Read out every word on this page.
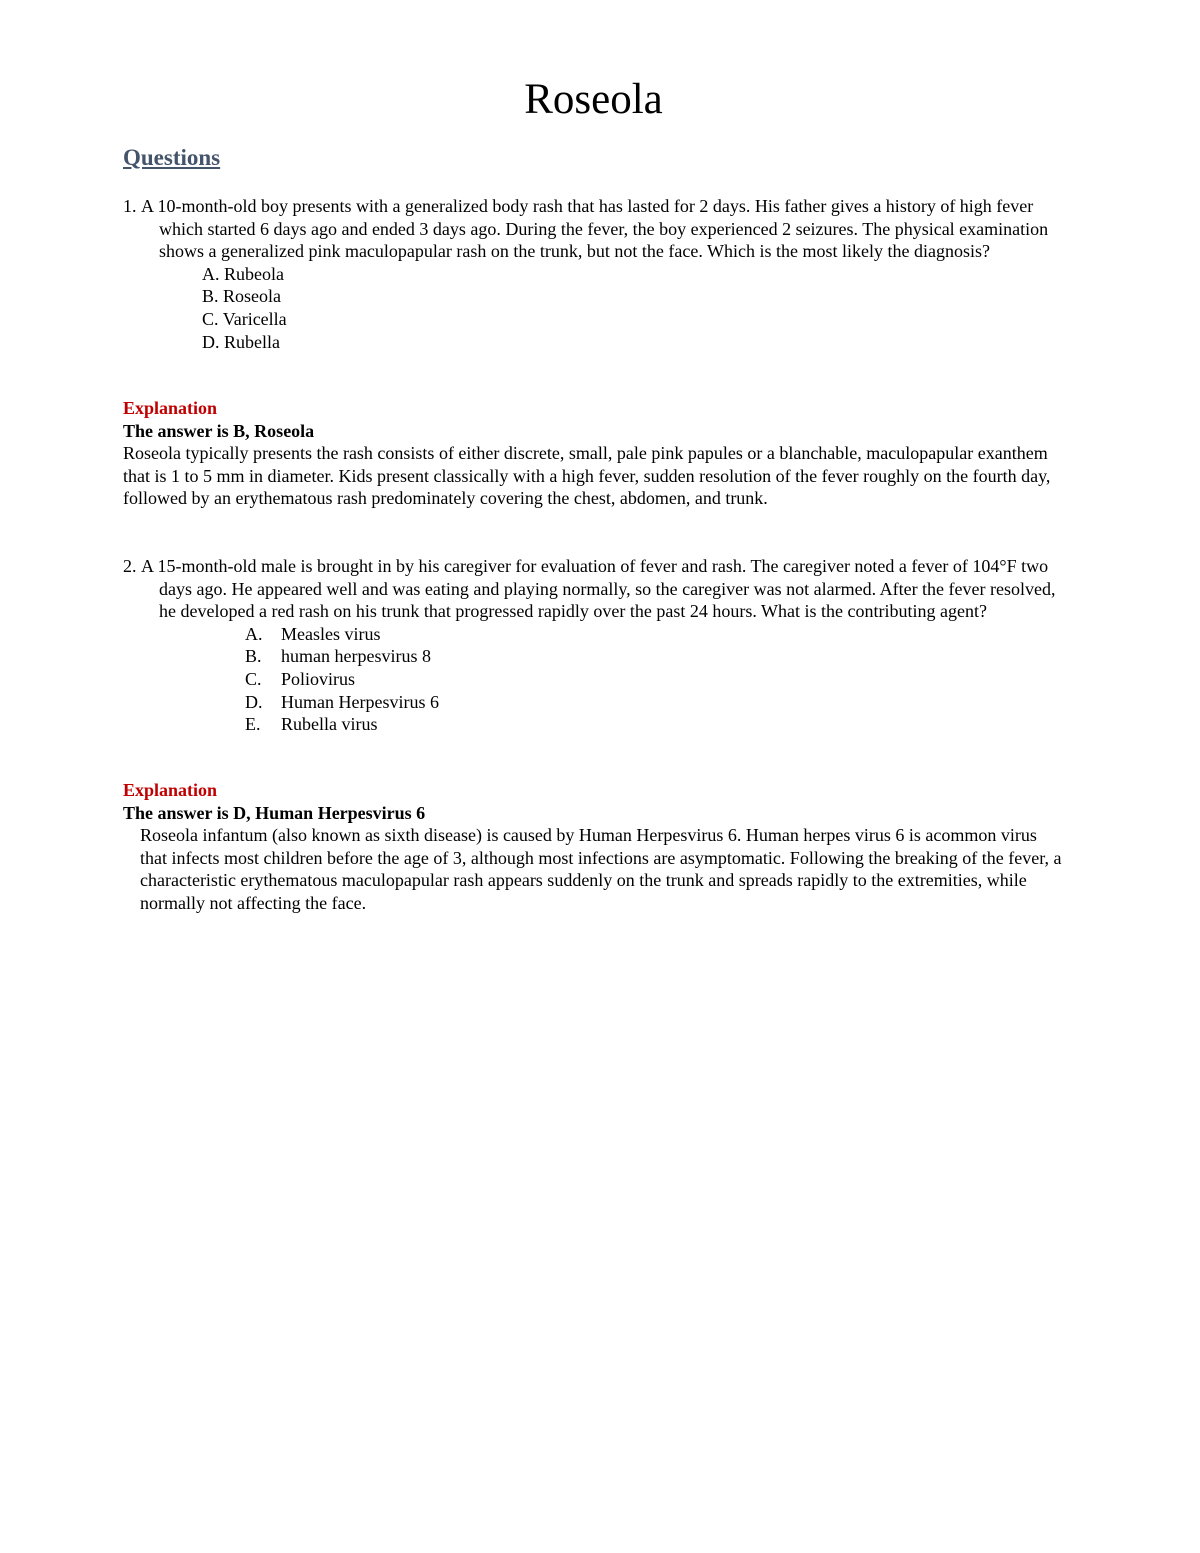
Roseola
Questions
1. A 10-month-old boy presents with a generalized body rash that has lasted for 2 days. His father gives a history of high fever which started 6 days ago and ended 3 days ago. During the fever, the boy experienced 2 seizures. The physical examination shows a generalized pink maculopapular rash on the trunk, but not the face. Which is the most likely the diagnosis?
A. Rubeola
B. Roseola
C. Varicella
D. Rubella
Explanation
The answer is B, Roseola
Roseola typically presents the rash consists of either discrete, small, pale pink papules or a blanchable, maculopapular exanthem that is 1 to 5 mm in diameter. Kids present classically with a high fever, sudden resolution of the fever roughly on the fourth day, followed by an erythematous rash predominately covering the chest, abdomen, and trunk.
2. A 15-month-old male is brought in by his caregiver for evaluation of fever and rash. The caregiver noted a fever of 104°F two days ago. He appeared well and was eating and playing normally, so the caregiver was not alarmed. After the fever resolved, he developed a red rash on his trunk that progressed rapidly over the past 24 hours. What is the contributing agent?
A.	Measles virus
B.	human herpesvirus 8
C.	Poliovirus
D.	Human Herpesvirus 6
E.	Rubella virus
Explanation
The answer is D, Human Herpesvirus 6
Roseola infantum (also known as sixth disease) is caused by Human Herpesvirus 6. Human herpes virus 6 is acommon virus that infects most children before the age of 3, although most infections are asymptomatic. Following the breaking of the fever, a characteristic erythematous maculopapular rash appears suddenly on the trunk and spreads rapidly to the extremities, while normally not affecting the face.
